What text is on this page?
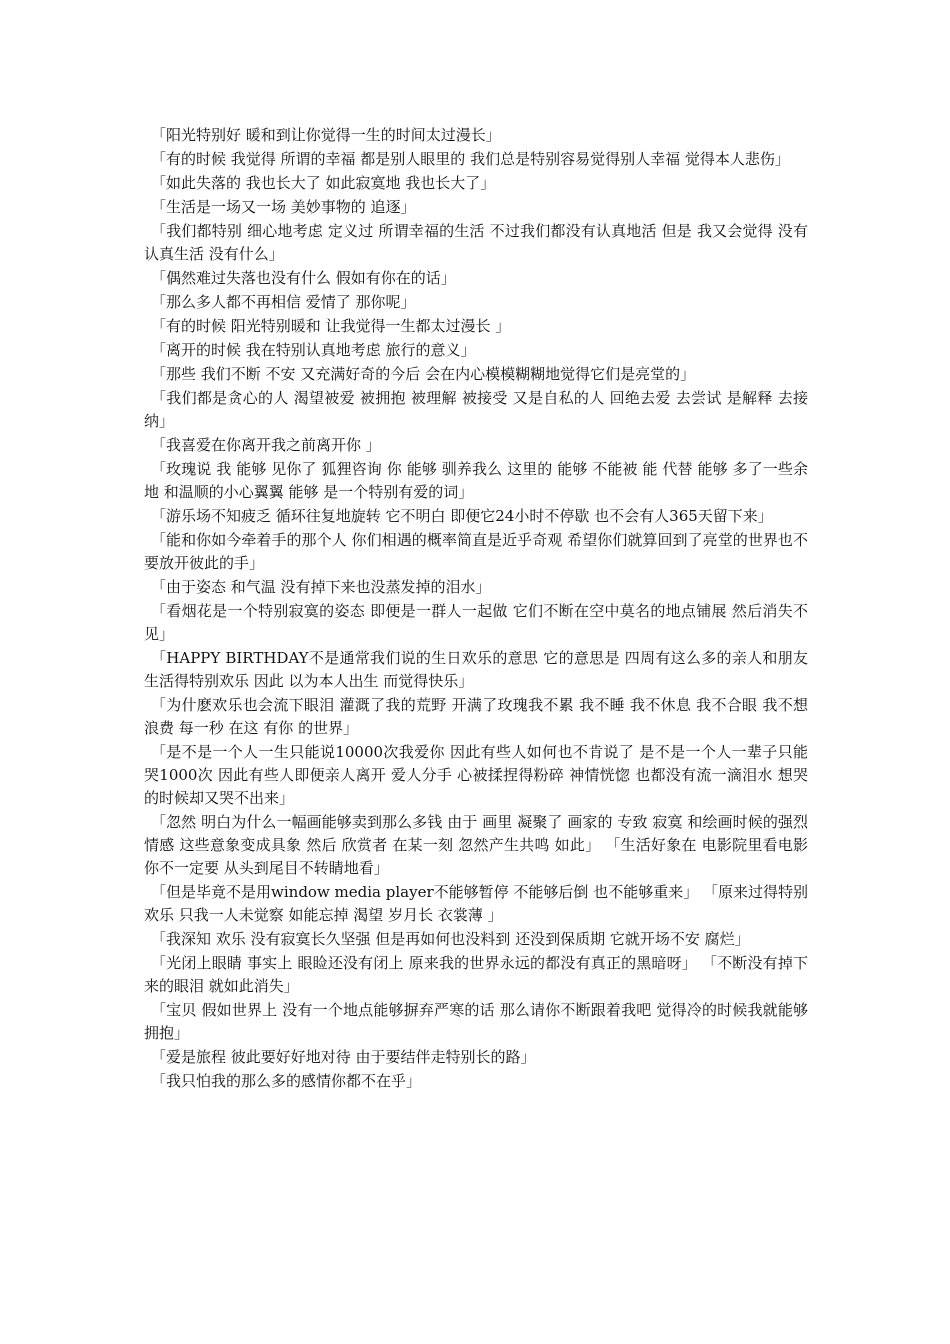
「阳光特别好 暖和到让你觉得一生的时间太过漫长」

「有的时候 我觉得 所谓的幸福 都是别人眼里的 我们总是特别容易觉得别人幸福 觉得本人悲伤」

「如此失落的 我也长大了 如此寂寞地 我也长大了」

「生活是一场又一场 美妙事物的 追逐」

「我们都特别 细心地考虑 定义过 所谓幸福的生活 不过我们都没有认真地活 但是 我又会觉得 没有认真生活 没有什么」

「偶然难过失落也没有什么 假如有你在的话」

「那么多人都不再相信 爱情了 那你呢」

「有的时候 阳光特别暖和 让我觉得一生都太过漫长 」

「离开的时候 我在特别认真地考虑 旅行的意义」

「那些 我们不断 不安 又充满好奇的今后 会在内心模模糊糊地觉得它们是亮堂的」

「我们都是贪心的人 渴望被爱 被拥抱 被理解 被接受 又是自私的人 回绝去爱 去尝试 是解释 去接纳」

「我喜爱在你离开我之前离开你 」

「玫瑰说 我 能够 见你了 狐狸咨询 你 能够 驯养我么 这里的 能够 不能被 能 代替 能够 多了一些余地 和温顺的小心翼翼 能够 是一个特别有爱的词」

「游乐场不知疲乏 循环往复地旋转 它不明白 即便它24小时不停歇 也不会有人365天留下来」

「能和你如今牵着手的那个人 你们相遇的概率简直是近乎奇观 希望你们就算回到了亮堂的世界也不要放开彼此的手」

「由于姿态 和气温 没有掉下来也没蒸发掉的泪水」

「看烟花是一个特别寂寞的姿态 即便是一群人一起做 它们不断在空中莫名的地点铺展 然后消失不见」

「HAPPY BIRTHDAY不是通常我们说的生日欢乐的意思 它的意思是 四周有这么多的亲人和朋友 生活得特别欢乐 因此 以为本人出生 而觉得快乐」

「为什麽欢乐也会流下眼泪 灌溉了我的荒野 开满了玫瑰我不累 我不睡 我不休息 我不合眼 我不想浪费 每一秒 在这 有你 的世界」

「是不是一个人一生只能说10000次我爱你 因此有些人如何也不肯说了 是不是一个人一辈子只能哭1000次 因此有些人即便亲人离开 爱人分手 心被揉捏得粉碎 神情恍惚 也都没有流一滴泪水 想哭的时候却又哭不出来」

「忽然 明白为什么一幅画能够卖到那么多钱 由于 画里 凝聚了 画家的 专致 寂寞 和绘画时候的强烈情感 这些意象变成具象 然后 欣赏者 在某一刻 忽然产生共鸣 如此」 「生活好象在 电影院里看电影 你不一定要 从头到尾目不转睛地看」

「但是毕竟不是用window media player不能够暂停 不能够后倒 也不能够重来」 「原来过得特别欢乐 只我一人未觉察 如能忘掉 渴望 岁月长 衣裳薄 」

「我深知 欢乐 没有寂寞长久坚强 但是再如何也没料到 还没到保质期 它就开场不安 腐烂」

「光闭上眼睛 事实上 眼睑还没有闭上 原来我的世界永远的都没有真正的黑暗呀」 「不断没有掉下来的眼泪 就如此消失」

「宝贝 假如世界上 没有一个地点能够摒弃严寒的话 那么请你不断跟着我吧 觉得冷的时候我就能够拥抱」

「爱是旅程 彼此要好好地对待 由于要结伴走特别长的路」

「我只怕我的那么多的感情你都不在乎」
